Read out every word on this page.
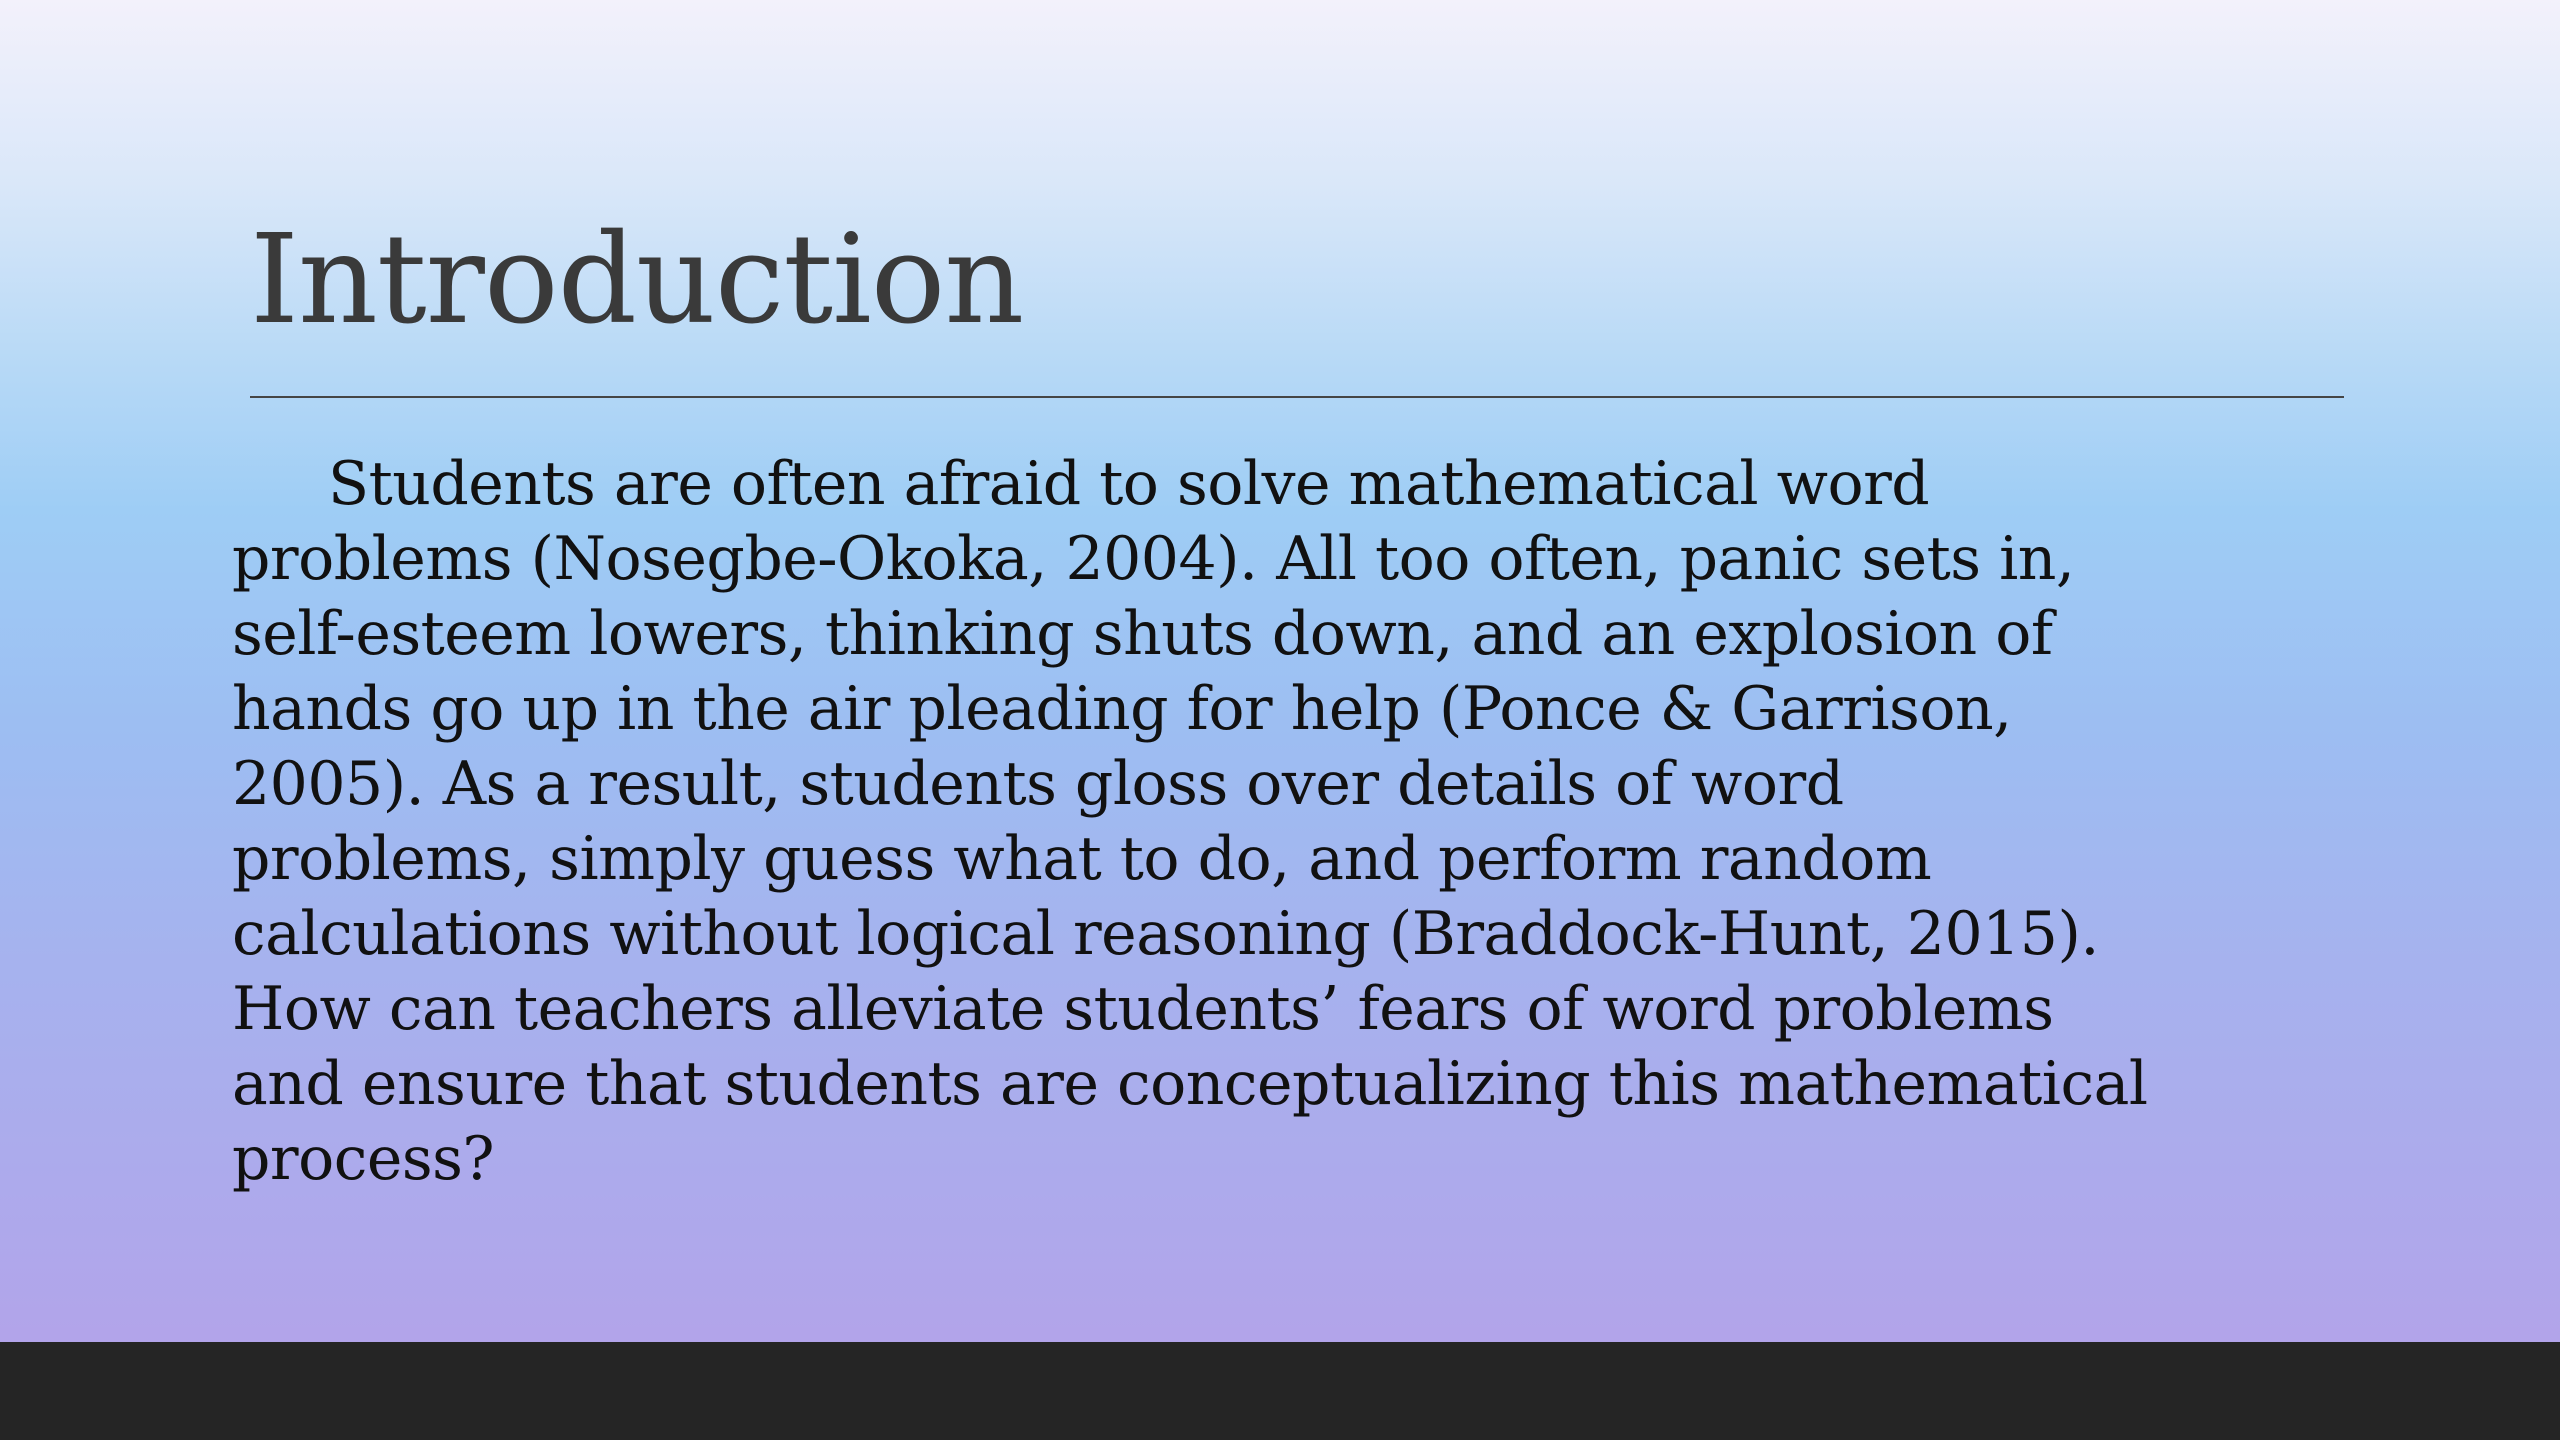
Introduction

Students are often afraid to solve mathematical word
problems (Nosegbe-Okoka, 2004). All too often, panic sets in,
self-esteem lowers, thinking shuts down, and an explosion of
hands go up in the air pleading for help (Ponce & Garrison,
2005). As a result, students gloss over details of word
problems, simply guess what to do, and perform random
calculations without logical reasoning (Braddock-Hunt, 2015).
How can teachers alleviate students’ fears of word problems
and ensure that students are conceptualizing this mathematical
process?
